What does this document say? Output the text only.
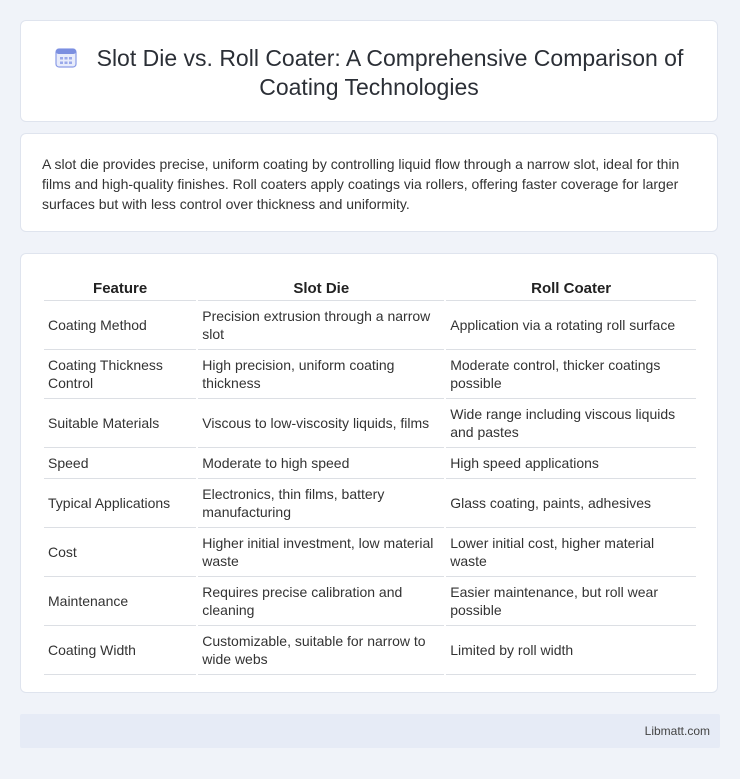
Slot Die vs. Roll Coater: A Comprehensive Comparison of Coating Technologies
A slot die provides precise, uniform coating by controlling liquid flow through a narrow slot, ideal for thin films and high-quality finishes. Roll coaters apply coatings via rollers, offering faster coverage for larger surfaces but with less control over thickness and uniformity.
Feature	Slot Die	Roll Coater
Coating Method	Precision extrusion through a narrow slot	Application via a rotating roll surface
Coating Thickness Control	High precision, uniform coating thickness	Moderate control, thicker coatings possible
Suitable Materials	Viscous to low-viscosity liquids, films	Wide range including viscous liquids and pastes
Speed	Moderate to high speed	High speed applications
Typical Applications	Electronics, thin films, battery manufacturing	Glass coating, paints, adhesives
Cost	Higher initial investment, low material waste	Lower initial cost, higher material waste
Maintenance	Requires precise calibration and cleaning	Easier maintenance, but roll wear possible
Coating Width	Customizable, suitable for narrow to wide webs	Limited by roll width
Libmatt.com
